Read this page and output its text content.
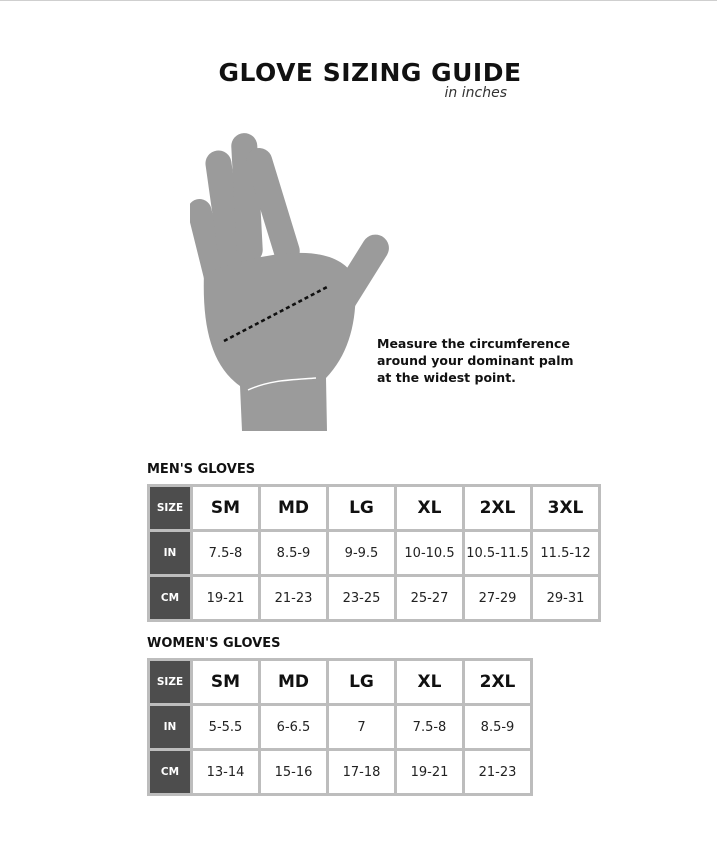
GLOVE SIZING GUIDE
in inches
Measure the circumference
around your dominant palm
at the widest point.
MEN'S GLOVES
SIZE	SM	MD	LG	XL	2XL	3XL
IN	7.5-8	8.5-9	9-9.5	10-10.5	10.5-11.5	11.5-12
CM	19-21	21-23	23-25	25-27	27-29	29-31
WOMEN'S GLOVES
SIZE	SM	MD	LG	XL	2XL
IN	5-5.5	6-6.5	7	7.5-8	8.5-9
CM	13-14	15-16	17-18	19-21	21-23
